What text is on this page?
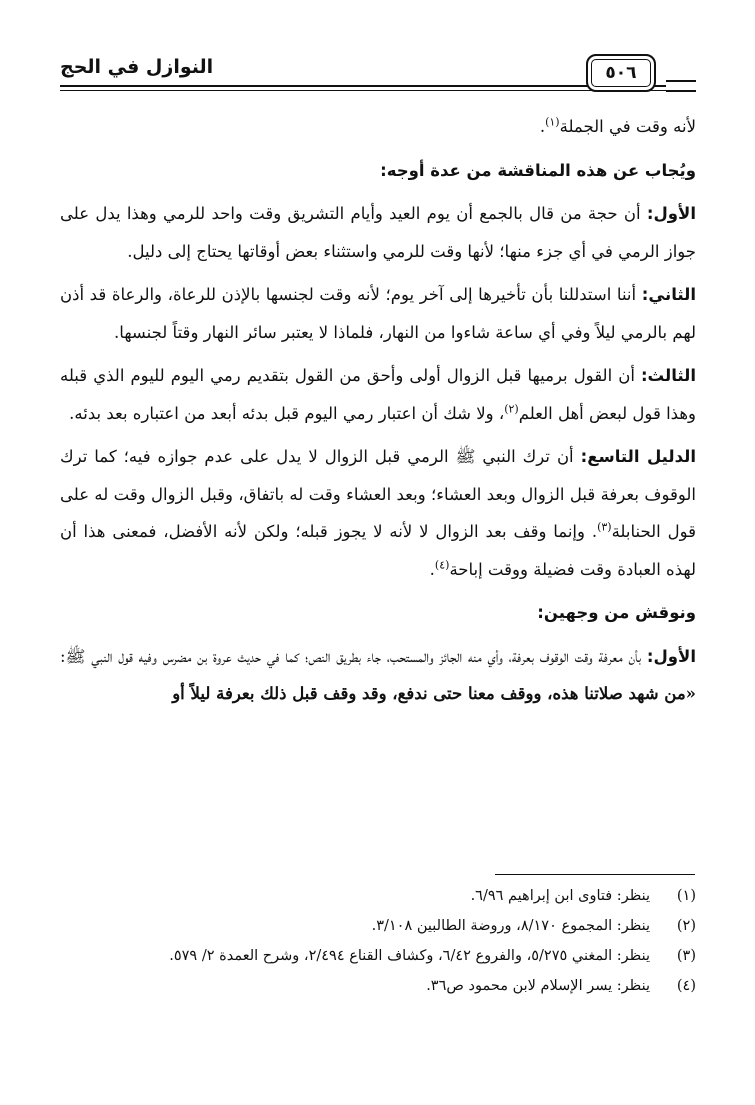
النوازل في الحج	٥٠٦

لأنه وقت في الجملة$^{(١)}$.

ويُجاب عن هذه المناقشة من عدة أوجه:

الأول: أن حجة من قال بالجمع أن يوم العيد وأيام التشريق وقت واحد للرمي وهذا يدل على جواز الرمي في أي جزء منها؛ لأنها وقت للرمي واستثناء بعض أوقاتها يحتاج إلى دليل.

الثاني: أننا استدللنا بأن تأخيرها إلى آخر يوم؛ لأنه وقت لجنسها بالإذن للرعاة، والرعاة قد أذن لهم بالرمي ليلاً وفي أي ساعة شاءوا من النهار، فلماذا لا يعتبر سائر النهار وقتاً لجنسها.

الثالث: أن القول برميها قبل الزوال أولى وأحق من القول بتقديم رمي اليوم لليوم الذي قبله وهذا قول لبعض أهل العلم$^{(٢)}$، ولا شك أن اعتبار رمي اليوم قبل بدئه أبعد من اعتباره بعد بدئه.

الدليل التاسع: أن ترك النبي ﷺ الرمي قبل الزوال لا يدل على عدم جوازه فيه؛ كما ترك الوقوف بعرفة قبل الزوال وبعد العشاء؛ وبعد العشاء وقت له باتفاق، وقبل الزوال وقت له على قول الحنابلة$^{(٣)}$. وإنما وقف بعد الزوال لا لأنه لا يجوز قبله؛ ولكن لأنه الأفضل، فمعنى هذا أن لهذه العبادة وقت فضيلة ووقت إباحة$^{(٤)}$.

ونوقش من وجهين:

الأول: بأن معرفة وقت الوقوف بعرفة، وأي منه الجائز والمستحب، جاء بطريق النص؛ كما في حديث عروة بن مضرس وفيه قول النبي ﷺ: «من شهد صلاتنا هذه، ووقف معنا حتى ندفع، وقد وقف قبل ذلك بعرفة ليلاً أو

(١)
ينظر: فتاوى ابن إبراهيم ٦/٩٦.
(٢)
ينظر: المجموع ٨/١٧٠، وروضة الطالبين ٣/١٠٨.
(٣)
ينظر: المغني ٥/٢٧٥، والفروع ٦/٤٢، وكشاف القناع ٢/٤٩٤، وشرح العمدة ٢/ ٥٧٩.
(٤)
ينظر: يسر الإسلام لابن محمود ص٣٦.
